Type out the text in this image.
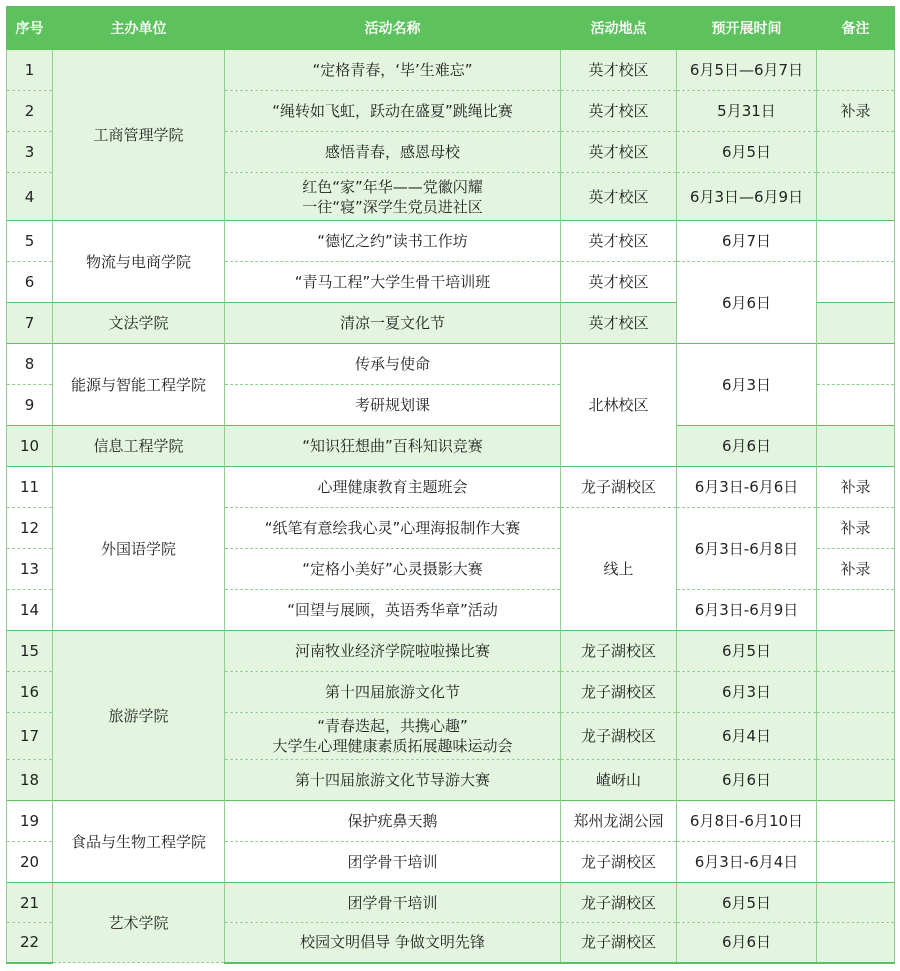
序号	主办单位	活动名称	活动地点	预开展时间	备注
1	工商管理学院	“定格青春，‘毕’生难忘”	英才校区	6月5日—6月7日	
2		“绳转如飞虹，跃动在盛夏”跳绳比赛	英才校区	5月31日	补录
3		感悟青春，感恩母校	英才校区	6月5日	
4		红色“家”年华——党徽闪耀
一往“寝”深学生党员进社区	英才校区	6月3日—6月9日	
5	物流与电商学院	“德忆之约”读书工作坊	英才校区	6月7日	
6		“青马工程”大学生骨干培训班	英才校区	6月6日	
7	文法学院	清凉一夏文化节	英才校区		
8	能源与智能工程学院	传承与使命	北林校区	6月3日	
9		考研规划课			
10	信息工程学院	“知识狂想曲”百科知识竞赛		6月6日	
11	外国语学院	心理健康教育主题班会	龙子湖校区	6月3日-6月6日	补录
12		“纸笔有意绘我心灵”心理海报制作大赛	线上	6月3日-6月8日	补录
13		“定格小美好”心灵摄影大赛			补录
14		“回望与展顾，英语秀华章”活动		6月3日-6月9日	
15	旅游学院	河南牧业经济学院啦啦操比赛	龙子湖校区	6月5日	
16		第十四届旅游文化节	龙子湖校区	6月3日	
17		“青春迭起，共携心趣”
大学生心理健康素质拓展趣味运动会	龙子湖校区	6月4日	
18		第十四届旅游文化节导游大赛	嵖岈山	6月6日	
19	食品与生物工程学院	保护疣鼻天鹅	郑州龙湖公园	6月8日-6月10日	
20		团学骨干培训	龙子湖校区	6月3日-6月4日	
21	艺术学院	团学骨干培训	龙子湖校区	6月5日	
22		校园文明倡导 争做文明先锋	龙子湖校区	6月6日	
